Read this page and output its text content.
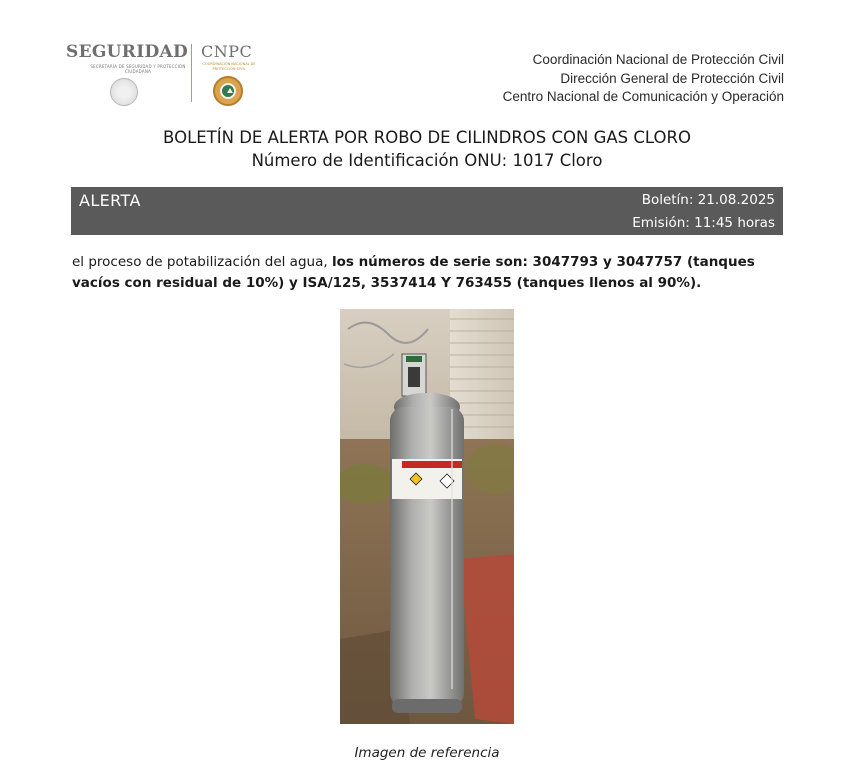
SEGURIDAD
SECRETARÍA DE SEGURIDAD Y PROTECCIÓN CIUDADANA
CNPC
COORDINACIÓN NACIONAL DE PROTECCIÓN CIVIL
Coordinación Nacional de Protección Civil
Dirección General de Protección Civil
Centro Nacional de Comunicación y Operación
BOLETÍN DE ALERTA POR ROBO DE CILINDROS CON GAS CLORO
Número de Identificación ONU: 1017 Cloro
ALERTA	Boletín: 21.08.2025
Emisión: 11:45 horas
el proceso de potabilización del agua, los números de serie son: 3047793 y 3047757 (tanques vacíos con residual de 10%) y ISA/125, 3537414 Y 763455 (tanques llenos al 90%).
Imagen de referencia
